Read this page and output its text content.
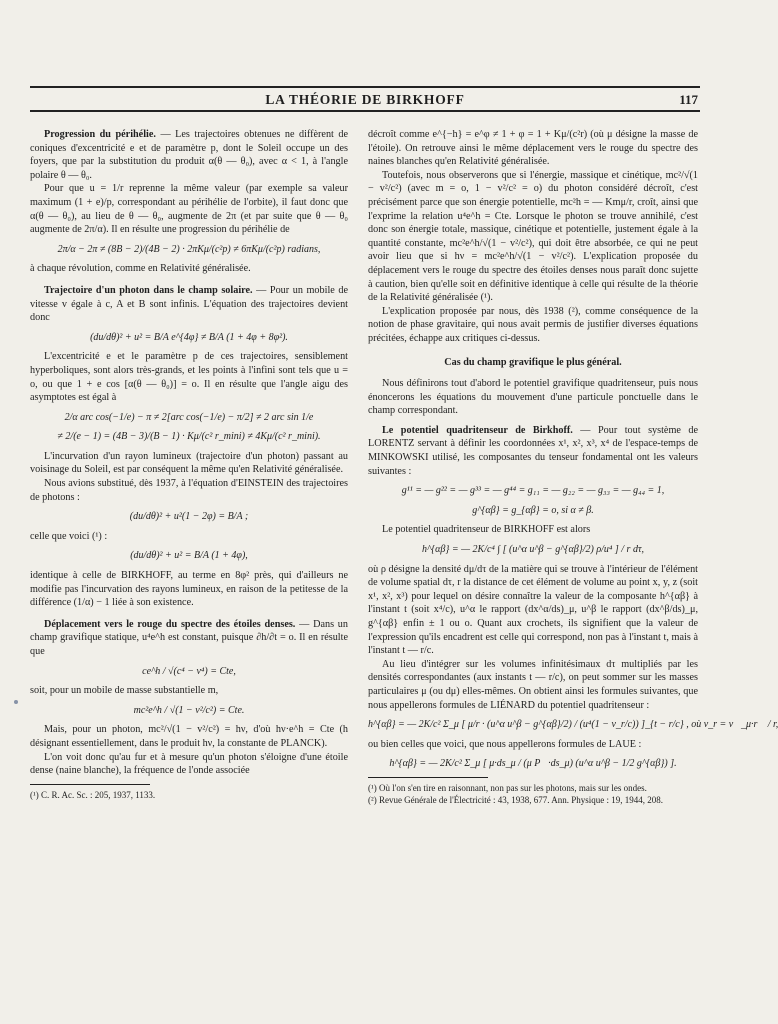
LA THÉORIE DE BIRKHOFF	117

Progression du périhélie. — Les trajectoires obtenues ne diffèrent de coniques d'excentricité e et de paramètre p, dont le Soleil occupe un des foyers, que par la substitution du produit α(θ — θ₀), avec α < 1, à l'angle polaire θ — θ₀.

Pour que u = 1/r reprenne la même valeur (par exemple sa valeur maximum (1 + e)/p, correspondant au périhélie de l'orbite), il faut donc que α(θ — θ₀), au lieu de θ — θ₀, augmente de 2π (et par suite que θ — θ₀ augmente de 2π/α). Il en résulte une progression du périhélie de

2π/α − 2π ≠ (8B − 2)/(4B − 2) · 2πKμ/(c²p) ≠ 6πKμ/(c²p) radians,

à chaque révolution, comme en Relativité généralisée.

Trajectoire d'un photon dans le champ solaire. — Pour un mobile de vitesse v égale à c, A et B sont infinis. L'équation des trajectoires devient donc

(du/dθ)² + u² = B/A e^{4φ} ≠ B/A (1 + 4φ + 8φ²).

L'excentricité e et le paramètre p de ces trajectoires, sensiblement hyperboliques, sont alors très-grands, et les points à l'infini sont tels que u = o, ou que 1 + e cos [α(θ — θ₀)] = o. Il en résulte que l'angle aigu des asymptotes est égal à

2/α arc cos(−1/e) − π ≠ 2[arc cos(−1/e) − π/2] ≠ 2 arc sin 1/e
≠ 2/(e − 1) = (4B − 3)/(B − 1) · Kμ/(c² r_mini) ≠ 4Kμ/(c² r_mini).

L'incurvation d'un rayon lumineux (trajectoire d'un photon) passant au voisinage du Soleil, est par conséquent la même qu'en Relativité généralisée.

Nous avions substitué, dès 1937, à l'équation d'EINSTEIN des trajectoires de photons :

(du/dθ)² + u²(1 − 2φ) = B/A ;

celle que voici (¹) :

(du/dθ)² + u² = B/A (1 + 4φ),

identique à celle de BIRKHOFF, au terme en 8φ² près, qui d'ailleurs ne modifie pas l'incurvation des rayons lumineux, en raison de la petitesse de la différence (1/α) − 1 liée à son existence.

Déplacement vers le rouge du spectre des étoiles denses. — Dans un champ gravifique statique, u⁴e^h est constant, puisque ∂h/∂t = o. Il en résulte que

ce^h / √(c⁴ − v⁴) = Cte,

soit, pour un mobile de masse substantielle m,

mc²e^h / √(1 − v²/c²) = Cte.

Mais, pour un photon, mc²/√(1 − v²/c²) = hν, d'où hν·e^h = Cte (h désignant essentiellement, dans le produit hν, la constante de PLANCK).

L'on voit donc qu'au fur et à mesure qu'un photon s'éloigne d'une étoile dense (naine blanche), la fréquence de l'onde associée

(¹) C. R. Ac. Sc. : 205, 1937, 1133.

décroît comme e^{−h} = e^φ ≠ 1 + φ = 1 + Kμ/(c²r) (où μ désigne la masse de l'étoile). On retrouve ainsi le même déplacement vers le rouge du spectre des naines blanches qu'en Relativité généralisée.

Toutefois, nous observerons que si l'énergie, massique et cinétique, mc²/√(1 − v²/c²) (avec m = o, 1 − v²/c² = o) du photon considéré décroît, c'est précisément parce que son énergie potentielle, mc²h = — Kmμ/r, croît, ainsi que l'exprime la relation u⁴e^h = Cte. Lorsque le photon se trouve annihilé, c'est donc son énergie totale, massique, cinétique et potentielle, justement égale à la quantité constante, mc²e^h/√(1 − v²/c²), qui doit être absorbée, ce qui ne peut avoir lieu que si hν = mc²e^h/√(1 − v²/c²). L'explication proposée du déplacement vers le rouge du spectre des étoiles denses nous paraît donc sujette à caution, bien qu'elle soit en définitive identique à celle qui résulte de la théorie de la Relativité généralisée (¹).

L'explication proposée par nous, dès 1938 (²), comme conséquence de la notion de phase gravitaire, qui nous avait permis de justifier diverses équations précitées, échappe aux critiques ci-dessus.

Cas du champ gravifique le plus général.

Nous définirons tout d'abord le potentiel gravifique quadritenseur, puis nous énoncerons les équations du mouvement d'une particule ponctuelle dans le champ correspondant.

Le potentiel quadritenseur de Birkhoff. — Pour tout système de LORENTZ servant à définir les coordonnées x¹, x², x³, x⁴ de l'espace-temps de MINKOWSKI utilisé, les composantes du tenseur fondamental ont les valeurs suivantes :

g¹¹ = — g²² = — g³³ = — g⁴⁴ = g₁₁ = — g₂₂ = — g₃₃ = — g₄₄ = 1,
g^{αβ} = g_{αβ} = o, si α ≠ β.

Le potentiel quadritenseur de BIRKHOFF est alors

h^{αβ} = — 2K/c⁴ ∫ [ (u^α u^β − g^{αβ}/2) ρ/u⁴ ] / r dτ,

où ρ désigne la densité dμ/dτ de la matière qui se trouve à l'intérieur de l'élément de volume spatial dτ, r la distance de cet élément de volume au point x, y, z (soit x¹, x², x³) pour lequel on désire connaître la valeur de la composante h^{αβ} à l'instant t (soit x⁴/c), u^α le rapport (dx^α/ds)_μ, u^β le rapport (dx^β/ds)_μ, g^{αβ} enfin ± 1 ou o. Quant aux crochets, ils signifient que la valeur de l'expression qu'ils encadrent est celle qui correspond, non pas à l'instant t, mais à l'instant t — r/c.

Au lieu d'intégrer sur les volumes infinitésimaux dτ multipliés par les densités correspondantes (aux instants t — r/c), on peut sommer sur les masses particulaires μ (ou dμ) elles-mêmes. On obtient ainsi les formules suivantes, que nous appellerons formules de LIÉNARD du potentiel quadritenseur :

h^{αβ} = — 2K/c² Σ_μ [ μ/r · (u^α u^β − g^{αβ}/2) / (u⁴(1 − v_r/c)) ]_{t − r/c} , où v_r = v⃗_μ·r⃗ / r,

ou bien celles que voici, que nous appellerons formules de LAUE :

h^{αβ} = — 2K/c² Σ_μ [ μ·ds_μ / (μ P⃗·ds_μ) (u^α u^β − 1/2 g^{αβ}) ].
(¹) Où l'on s'en tire en raisonnant, non pas sur les photons, mais sur les ondes.
(²) Revue Générale de l'Électricité : 43, 1938, 677. Ann. Physique : 19, 1944, 208.
